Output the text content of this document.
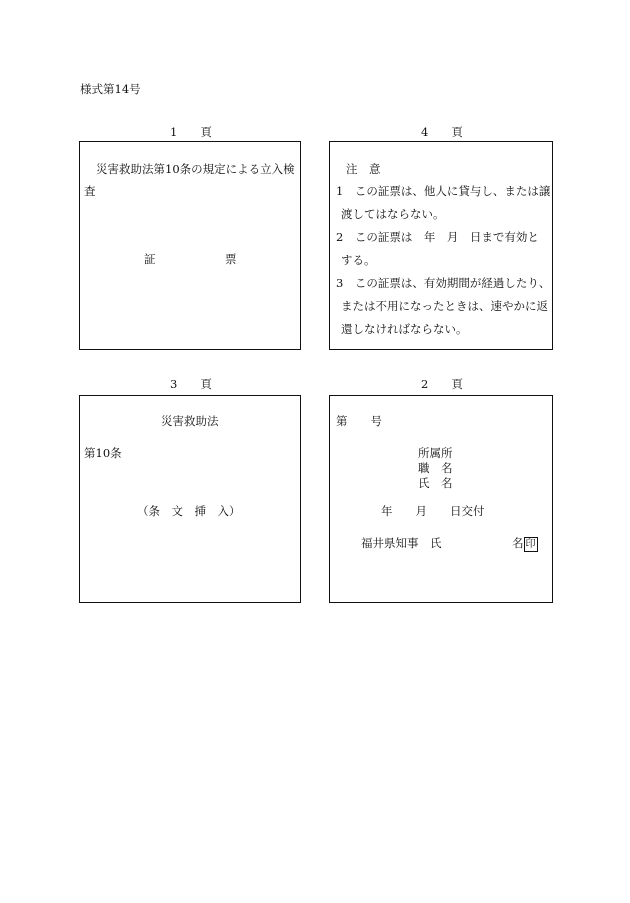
様式第14号
1　　頁	4　　頁
3　　頁	2　　頁
災害救助法第10条の規定による立入検
査
証	票
注　意
1　この証票は、他人に貸与し、または譲
渡してはならない。
2　この証票は　年　月　日まで有効と
する。
3　この証票は、有効期間が経過したり、
または不用になったときは、速やかに返
還しなければならない。
災害救助法
第10条
（条　文　挿　入）
第　　号
所属所
職　名
氏　名
年　　月　　日交付
福井県知事　氏	名 印
